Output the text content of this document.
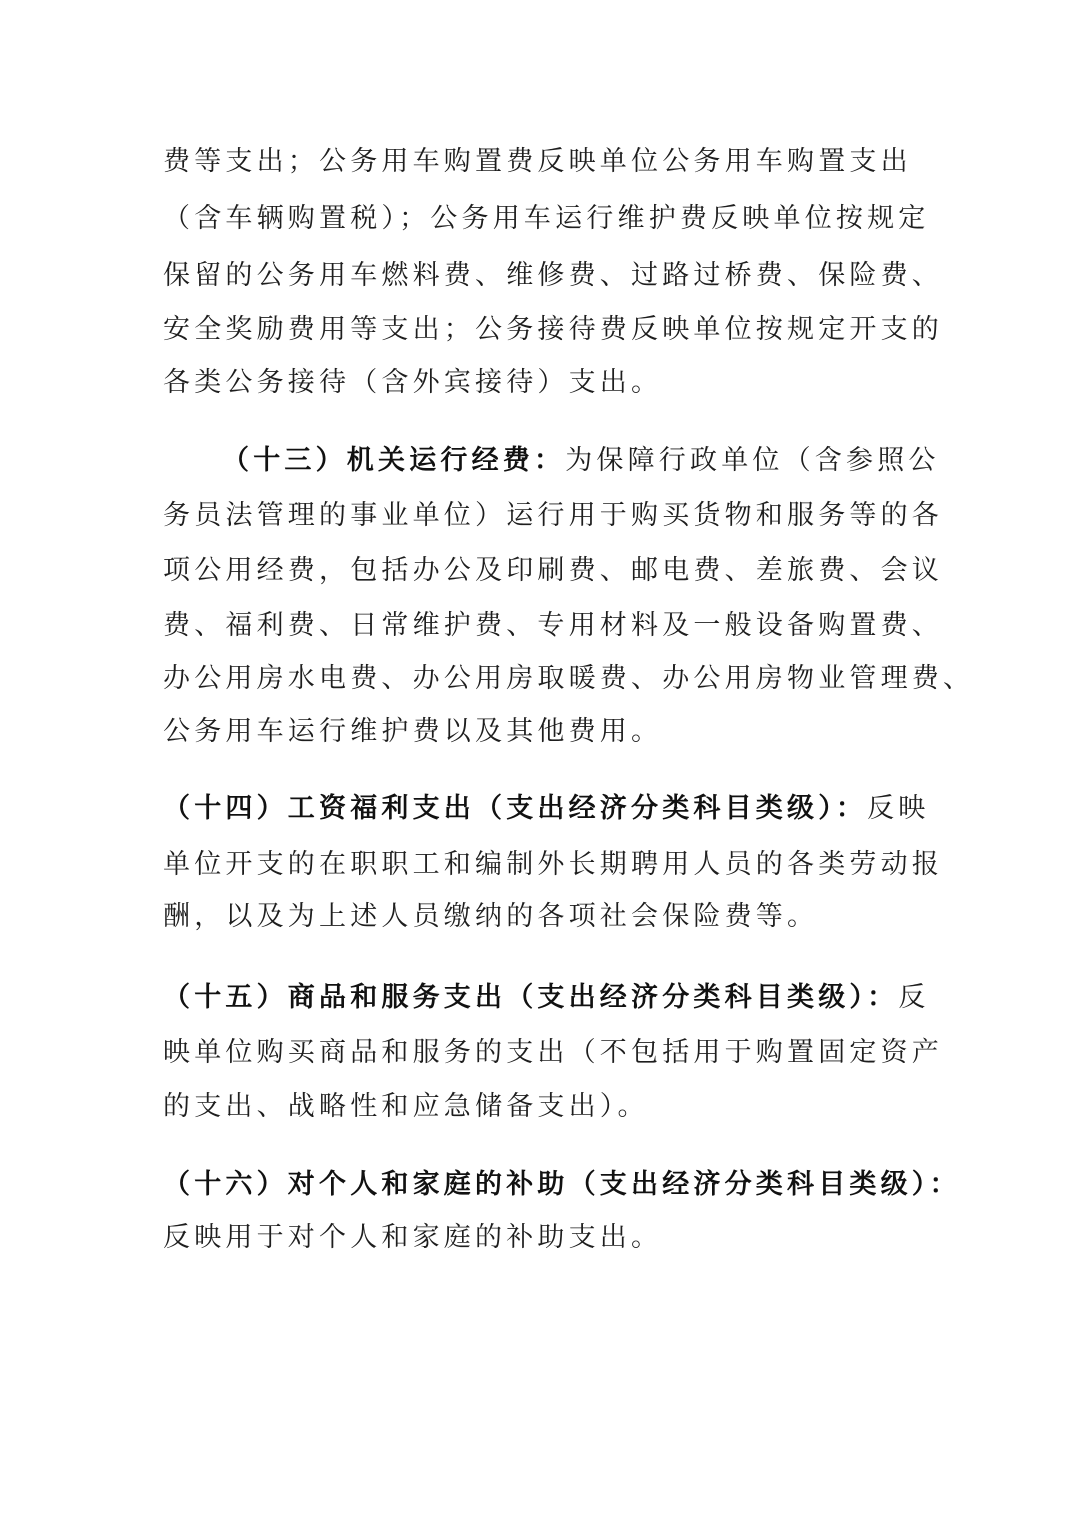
费等支出；公务用车购置费反映单位公务用车购置支出
（含车辆购置税）；公务用车运行维护费反映单位按规定
保留的公务用车燃料费、维修费、过路过桥费、保险费、
安全奖励费用等支出；公务接待费反映单位按规定开支的
各类公务接待（含外宾接待）支出。
（十三）机关运行经费：为保障行政单位（含参照公
务员法管理的事业单位）运行用于购买货物和服务等的各
项公用经费，包括办公及印刷费、邮电费、差旅费、会议
费、福利费、日常维护费、专用材料及一般设备购置费、
办公用房水电费、办公用房取暖费、办公用房物业管理费、
公务用车运行维护费以及其他费用。
（十四）工资福利支出（支出经济分类科目类级）：反映
单位开支的在职职工和编制外长期聘用人员的各类劳动报
酬，以及为上述人员缴纳的各项社会保险费等。
（十五）商品和服务支出（支出经济分类科目类级）：反
映单位购买商品和服务的支出（不包括用于购置固定资产
的支出、战略性和应急储备支出）。
（十六）对个人和家庭的补助（支出经济分类科目类级）：
反映用于对个人和家庭的补助支出。
